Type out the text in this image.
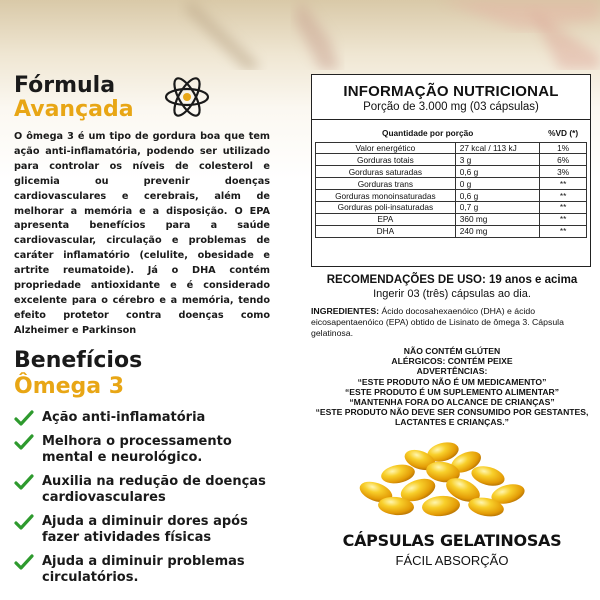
Fórmula
Avançada

O ômega 3 é um tipo de gordura boa que tem ação anti-inflamatória, podendo ser utilizado para controlar os níveis de colesterol e glicemia ou prevenir doenças cardiovasculares e cerebrais, além de melhorar a memória e a disposição. O EPA apresenta benefícios para a saúde cardiovascular, circulação e problemas de caráter inflamatório (celulite, obesidade e artrite reumatoide). Já o DHA contém propriedade antioxidante e é considerado excelente para o cérebro e a memória, tendo efeito protetor contra doenças como Alzheimer e Parkinson

Benefícios
Ômega 3
Ação anti-inflamatória
Melhora o processamento mental e neurológico.
Auxilia na redução de doenças cardiovasculares
Ajuda a diminuir dores após fazer atividades físicas
Ajuda a diminuir problemas circulatórios.
INFORMAÇÃO NUTRICIONAL
Porção de 3.000 mg (03 cápsulas)
Quantidade por porção		%VD (*)
Valor energético	27 kcal / 113 kJ	1%
Gorduras totais	3 g	6%
Gorduras saturadas	0,6 g	3%
Gorduras trans	0 g	**
Gorduras monoinsaturadas	0,6 g	**
Gorduras poli-insaturadas	0,7 g	**
EPA	360 mg	**
DHA	240 mg	**
RECOMENDAÇÕES DE USO: 19 anos e acima
Ingerir 03 (três) cápsulas ao dia.
INGREDIENTES: Ácido docosahexaenóico (DHA) e ácido eicosapentaenóico (EPA) obtido de Lisinato de ômega 3. Cápsula gelatinosa.
NÃO CONTÉM GLÚTEN
ALÉRGICOS: CONTÉM PEIXE
ADVERTÊNCIAS:
“ESTE PRODUTO NÃO É UM MEDICAMENTO”
“ESTE PRODUTO É UM SUPLEMENTO ALIMENTAR”
“MANTENHA FORA DO ALCANCE DE CRIANÇAS”
“ESTE PRODUTO NÃO DEVE SER CONSUMIDO POR GESTANTES, LACTANTES E CRIANÇAS.”
CÁPSULAS GELATINOSAS
FÁCIL ABSORÇÃO
